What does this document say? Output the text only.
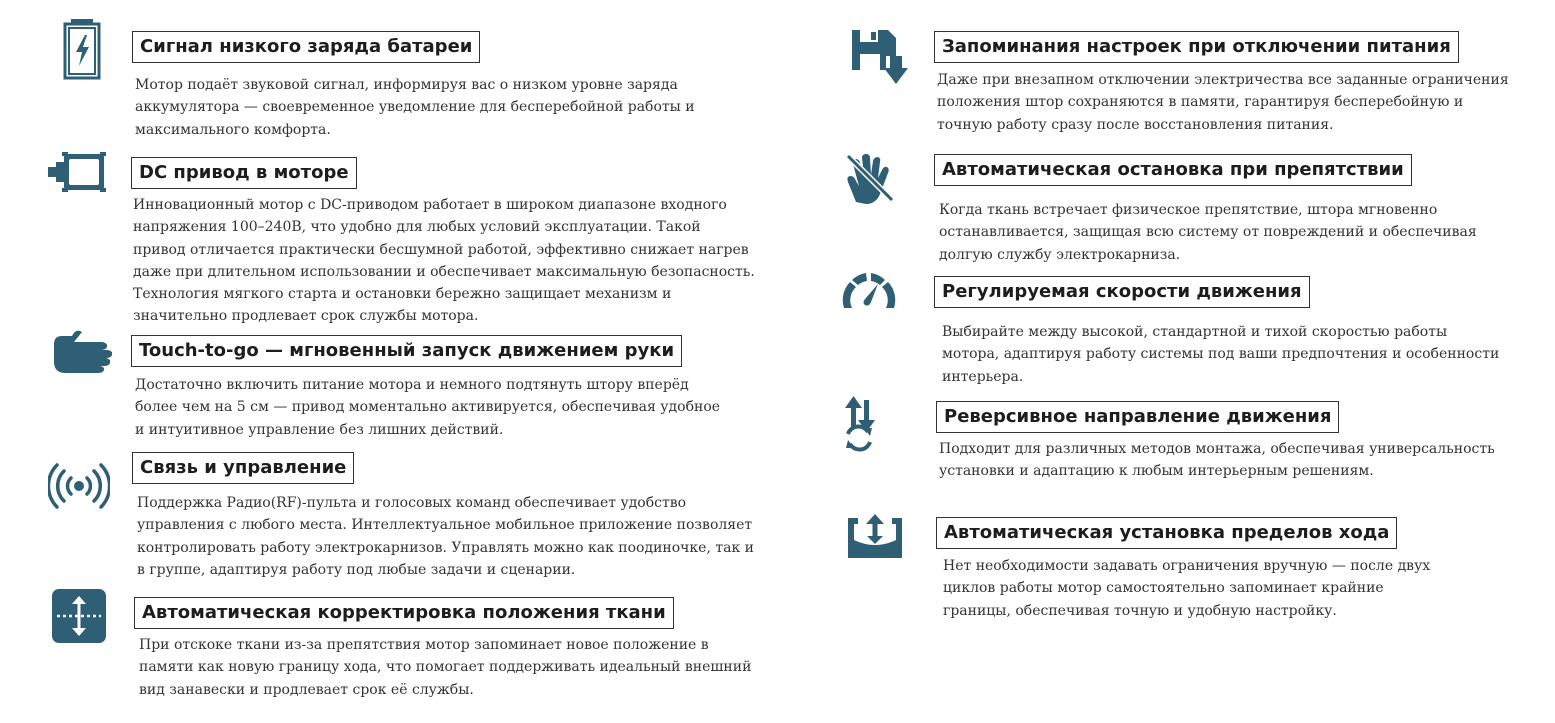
Сигнал низкого заряда батареи
Мотор подаёт звуковой сигнал, информируя вас о низком уровне заряда
аккумулятора — своевременное уведомление для бесперебойной работы и
максимального комфорта.
DC привод в моторе
Инновационный мотор с DC-приводом работает в широком диапазоне входного
напряжения 100–240В, что удобно для любых условий эксплуатации. Такой
привод отличается практически бесшумной работой, эффективно снижает нагрев
даже при длительном использовании и обеспечивает максимальную безопасность.
Технология мягкого старта и остановки бережно защищает механизм и
значительно продлевает срок службы мотора.
Touch-to-go — мгновенный запуск движением руки
Достаточно включить питание мотора и немного подтянуть штору вперёд
более чем на 5 см — привод моментально активируется, обеспечивая удобное
и интуитивное управление без лишних действий.
Связь и управление
Поддержка Радио(RF)-пульта и голосовых команд обеспечивает удобство
управления с любого места. Интеллектуальное мобильное приложение позволяет
контролировать работу электрокарнизов. Управлять можно как поодиночке, так и
в группе, адаптируя работу под любые задачи и сценарии.
Автоматическая корректировка положения ткани
При отскоке ткани из-за препятствия мотор запоминает новое положение в
памяти как новую границу хода, что помогает поддерживать идеальный внешний
вид занавески и продлевает срок её службы.
Запоминания настроек при отключении питания
Даже при внезапном отключении электричества все заданные ограничения
положения штор сохраняются в памяти, гарантируя бесперебойную и
точную работу сразу после восстановления питания.
Автоматическая остановка при препятствии
Когда ткань встречает физическое препятствие, штора мгновенно
останавливается, защищая всю систему от повреждений и обеспечивая
долгую службу электрокарниза.
Регулируемая скорости движения
Выбирайте между высокой, стандартной и тихой скоростью работы
мотора, адаптируя работу системы под ваши предпочтения и особенности
интерьера.
Реверсивное направление движения
Подходит для различных методов монтажа, обеспечивая универсальность
установки и адаптацию к любым интерьерным решениям.
Автоматическая установка пределов хода
Нет необходимости задавать ограничения вручную — после двух
циклов работы мотор самостоятельно запоминает крайние
границы, обеспечивая точную и удобную настройку.
